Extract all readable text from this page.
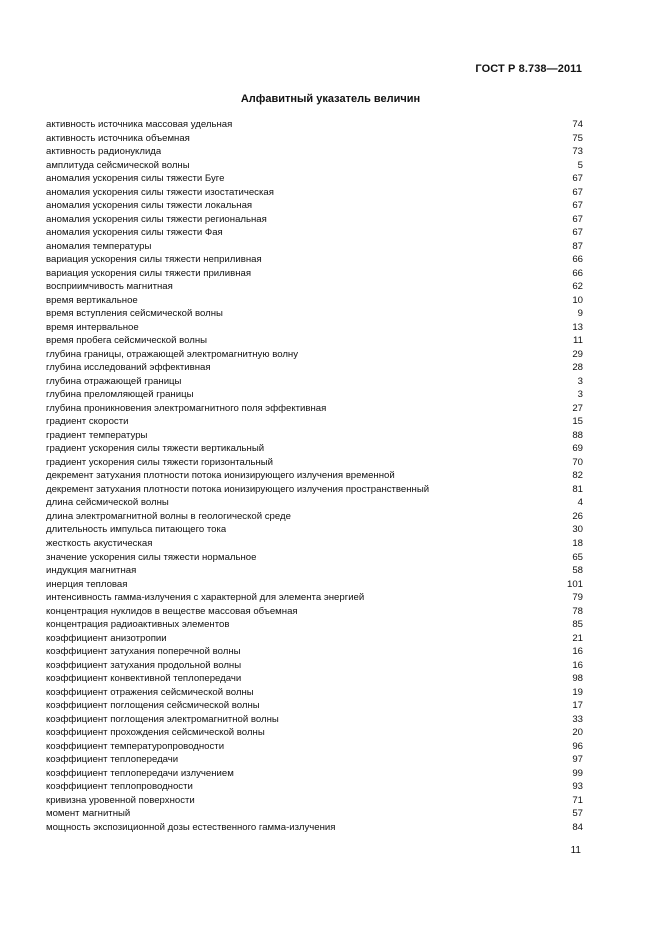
ГОСТ Р 8.738—2011
Алфавитный указатель величин
активность источника массовая удельная	74
активность источника объемная	75
активность радионуклида	73
амплитуда сейсмической волны	5
аномалия ускорения силы тяжести Буге	67
аномалия ускорения силы тяжести изостатическая	67
аномалия ускорения силы тяжести локальная	67
аномалия ускорения силы тяжести региональная	67
аномалия ускорения силы тяжести Фая	67
аномалия температуры	87
вариация ускорения силы тяжести неприливная	66
вариация ускорения силы тяжести приливная	66
восприимчивость магнитная	62
время вертикальное	10
время вступления сейсмической волны	9
время интервальное	13
время пробега сейсмической волны	11
глубина границы, отражающей электромагнитную волну	29
глубина исследований эффективная	28
глубина отражающей границы	3
глубина преломляющей границы	3
глубина проникновения электромагнитного поля эффективная	27
градиент скорости	15
градиент температуры	88
градиент ускорения силы тяжести вертикальный	69
градиент ускорения силы тяжести горизонтальный	70
декремент затухания плотности потока ионизирующего излучения временной	82
декремент затухания плотности потока ионизирующего излучения пространственный	81
длина сейсмической волны	4
длина электромагнитной волны в геологической среде	26
длительность импульса питающего тока	30
жесткость акустическая	18
значение ускорения силы тяжести нормальное	65
индукция магнитная	58
инерция тепловая	101
интенсивность гамма-излучения с характерной для элемента энергией	79
концентрация нуклидов в веществе массовая объемная	78
концентрация радиоактивных элементов	85
коэффициент анизотропии	21
коэффициент затухания поперечной волны	16
коэффициент затухания продольной волны	16
коэффициент конвективной теплопередачи	98
коэффициент отражения сейсмической волны	19
коэффициент поглощения сейсмической волны	17
коэффициент поглощения электромагнитной волны	33
коэффициент прохождения сейсмической волны	20
коэффициент температуропроводности	96
коэффициент теплопередачи	97
коэффициент теплопередачи излучением	99
коэффициент теплопроводности	93
кривизна уровенной поверхности	71
момент магнитный	57
мощность экспозиционной дозы естественного гамма-излучения	84
11
